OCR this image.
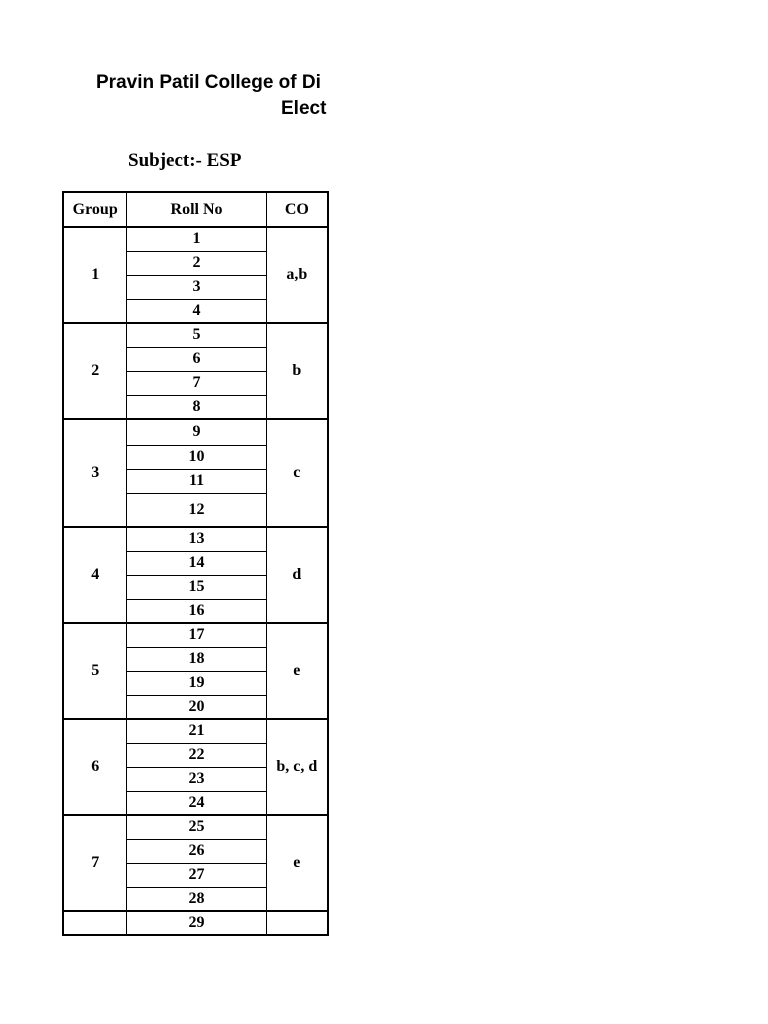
Pravin Patil College of Di
Elect
Subject:- ESP
Group	Roll No	CO
1	1	a,b
	2	
	3	
	4	
2	5	b
	6	
	7	
	8	
3	9	c
	10	
	11	
	12	
4	13	d
	14	
	15	
	16	
5	17	e
	18	
	19	
	20	
6	21	b, c, d
	22	
	23	
	24	
7	25	e
	26	
	27	
	28	
	29	
